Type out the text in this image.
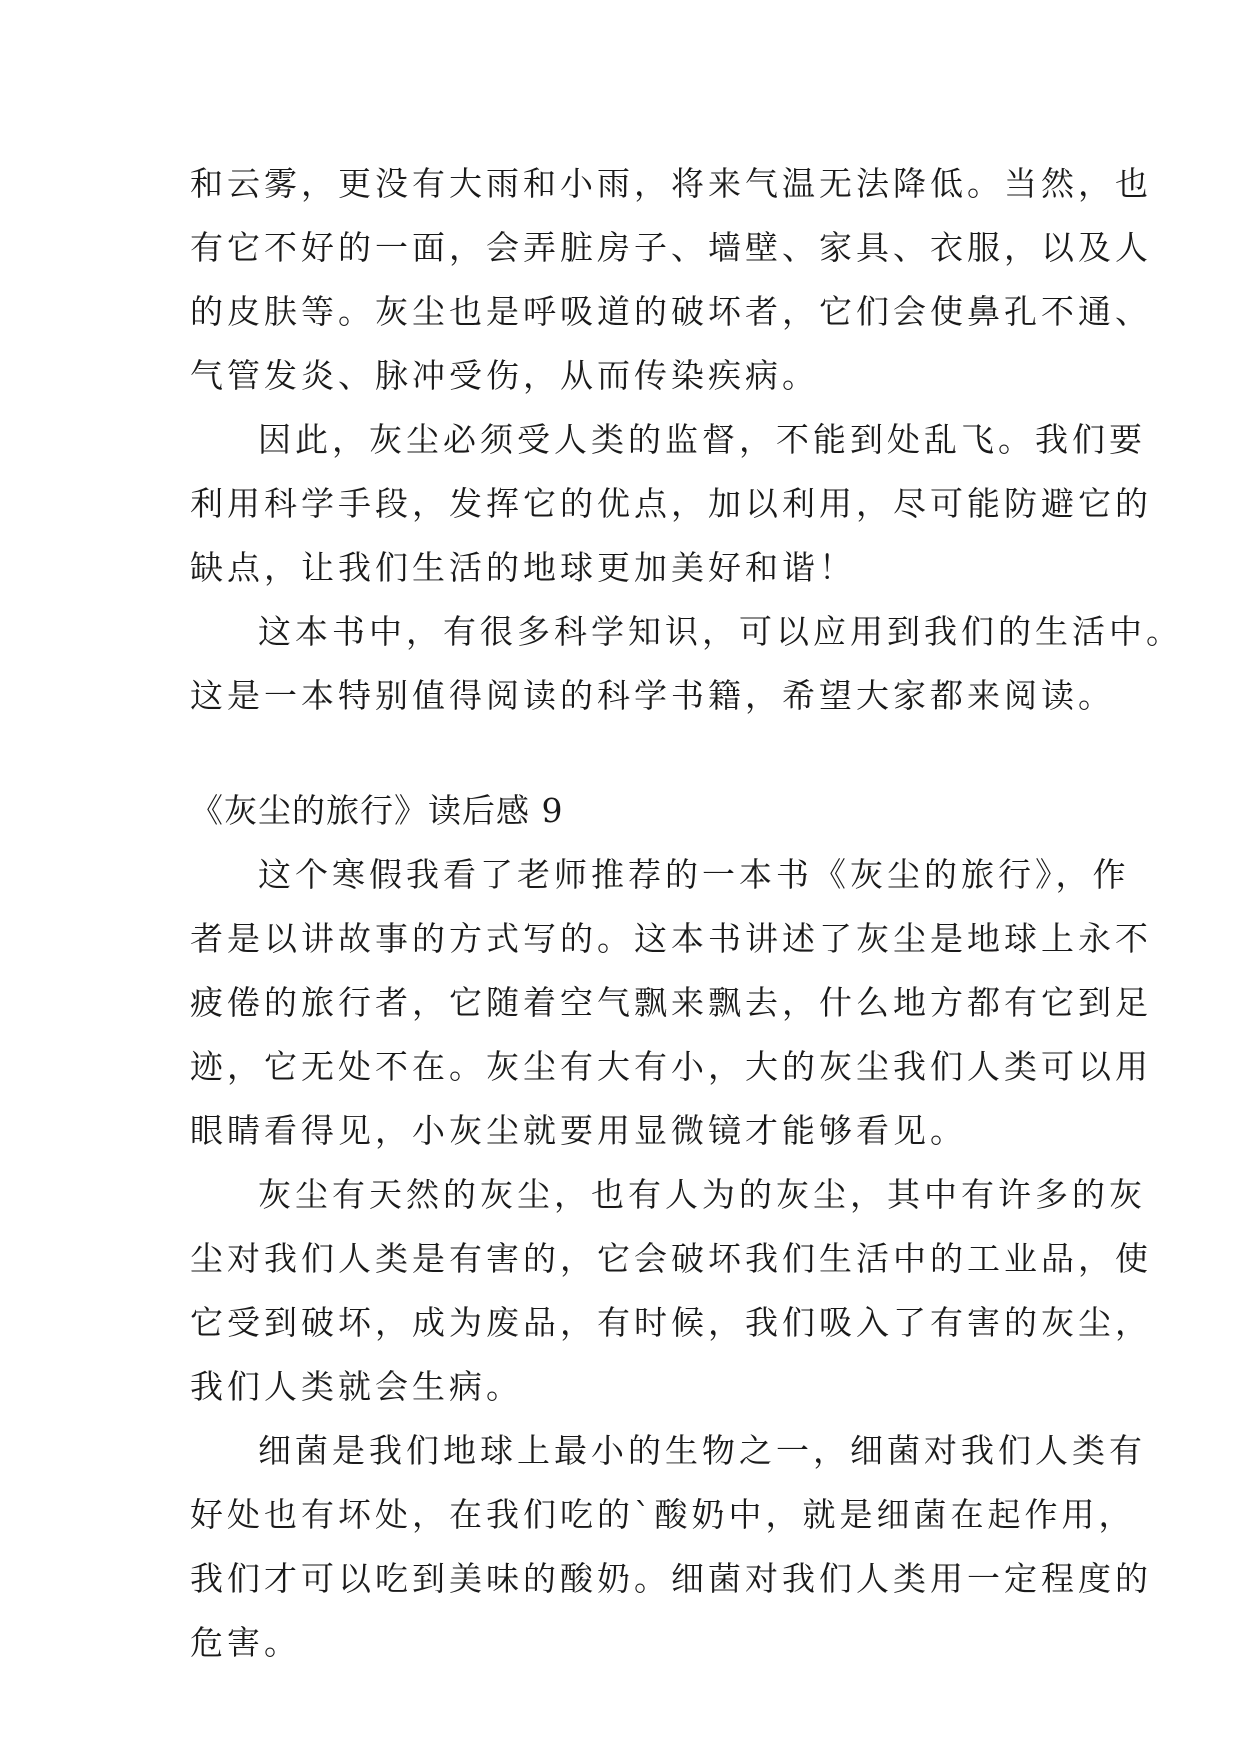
和云雾，更没有大雨和小雨，将来气温无法降低。当然，也
有它不好的一面，会弄脏房子、墙壁、家具、衣服，以及人
的皮肤等。灰尘也是呼吸道的破坏者，它们会使鼻孔不通、
气管发炎、脉冲受伤，从而传染疾病。
因此，灰尘必须受人类的监督，不能到处乱飞。我们要
利用科学手段，发挥它的优点，加以利用，尽可能防避它的
缺点，让我们生活的地球更加美好和谐！
这本书中，有很多科学知识，可以应用到我们的生活中。
这是一本特别值得阅读的科学书籍，希望大家都来阅读。
《灰尘的旅行》读后感 9
这个寒假我看了老师推荐的一本书《灰尘的旅行》，作
者是以讲故事的方式写的。这本书讲述了灰尘是地球上永不
疲倦的旅行者，它随着空气飘来飘去，什么地方都有它到足
迹，它无处不在。灰尘有大有小，大的灰尘我们人类可以用
眼睛看得见，小灰尘就要用显微镜才能够看见。
灰尘有天然的灰尘，也有人为的灰尘，其中有许多的灰
尘对我们人类是有害的，它会破坏我们生活中的工业品，使
它受到破坏，成为废品，有时候，我们吸入了有害的灰尘，
我们人类就会生病。
细菌是我们地球上最小的生物之一，细菌对我们人类有
好处也有坏处，在我们吃的`酸奶中，就是细菌在起作用，
我们才可以吃到美味的酸奶。细菌对我们人类用一定程度的
危害。
